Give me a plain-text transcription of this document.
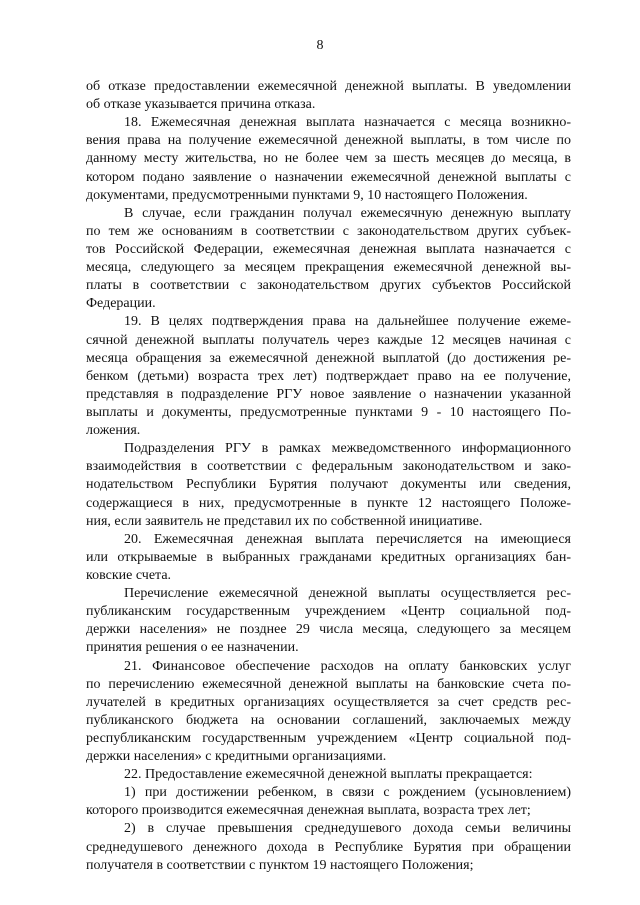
8
об отказе предоставлении ежемесячной денежной выплаты. В уведомлении
об отказе указывается причина отказа.
18. Ежемесячная денежная выплата назначается с месяца возникно-
вения права на получение ежемесячной денежной выплаты, в том числе по
данному месту жительства, но не более чем за шесть месяцев до месяца, в
котором подано заявление о назначении ежемесячной денежной выплаты с
документами, предусмотренными пунктами 9, 10 настоящего Положения.
В случае, если гражданин получал ежемесячную денежную выплату
по тем же основаниям в соответствии с законодательством других субъек-
тов Российской Федерации, ежемесячная денежная выплата назначается с
месяца, следующего за месяцем прекращения ежемесячной денежной вы-
платы в соответствии с законодательством других субъектов Российской
Федерации.
19. В целях подтверждения права на дальнейшее получение ежеме-
сячной денежной выплаты получатель через каждые 12 месяцев начиная с
месяца обращения за ежемесячной денежной выплатой (до достижения ре-
бенком (детьми) возраста трех лет) подтверждает право на ее получение,
представляя в подразделение РГУ новое заявление о назначении указанной
выплаты и документы, предусмотренные пунктами 9 - 10 настоящего По-
ложения.
Подразделения РГУ в рамках межведомственного информационного
взаимодействия в соответствии с федеральным законодательством и зако-
нодательством Республики Бурятия получают документы или сведения,
содержащиеся в них, предусмотренные в пункте 12 настоящего Положе-
ния, если заявитель не представил их по собственной инициативе.
20. Ежемесячная денежная выплата перечисляется на имеющиеся
или открываемые в выбранных гражданами кредитных организациях бан-
ковские счета.
Перечисление ежемесячной денежной выплаты осуществляется рес-
публиканским государственным учреждением «Центр социальной под-
держки населения» не позднее 29 числа месяца, следующего за месяцем
принятия решения о ее назначении.
21. Финансовое обеспечение расходов на оплату банковских услуг
по перечислению ежемесячной денежной выплаты на банковские счета по-
лучателей в кредитных организациях осуществляется за счет средств рес-
публиканского бюджета на основании соглашений, заключаемых между
республиканским государственным учреждением «Центр социальной под-
держки населения» с кредитными организациями.
22. Предоставление ежемесячной денежной выплаты прекращается:
1) при достижении ребенком, в связи с рождением (усыновлением)
которого производится ежемесячная денежная выплата, возраста трех лет;
2) в случае превышения среднедушевого дохода семьи величины
среднедушевого денежного дохода в Республике Бурятия при обращении
получателя в соответствии с пунктом 19 настоящего Положения;
